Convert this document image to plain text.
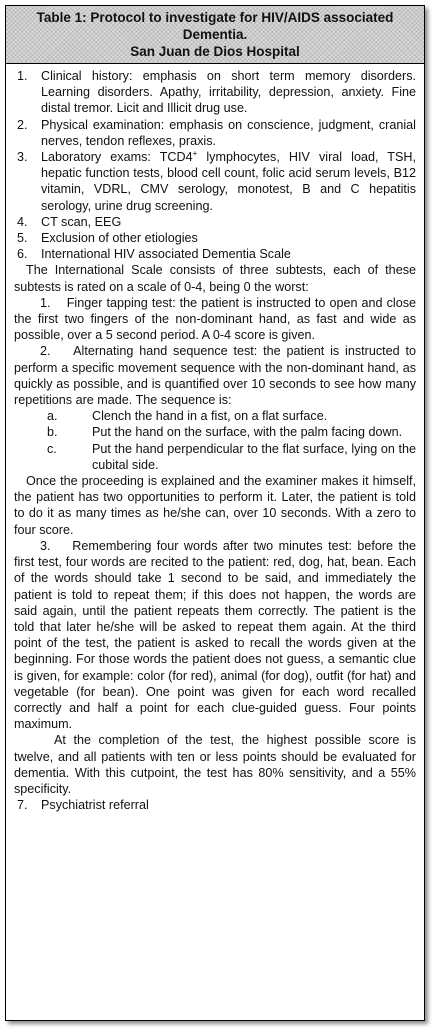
Table 1: Protocol to investigate for HIV/AIDS associated
Dementia.
San Juan de Dios Hospital
1. Clinical history: emphasis on short term memory disorders. Learning disorders. Apathy, irritability, depression, anxiety. Fine distal tremor. Licit and Illicit drug use.
2. Physical examination: emphasis on conscience, judgment, cranial nerves, tendon reflexes, praxis.
3. Laboratory exams: TCD4+ lymphocytes, HIV viral load, TSH, hepatic function tests, blood cell count, folic acid serum levels, B12 vitamin, VDRL, CMV serology, monotest, B and C hepatitis serology, urine drug screening.
4. CT scan, EEG
5. Exclusion of other etiologies
6. International HIV associated Dementia Scale
The International Scale consists of three subtests, each of these subtests is rated on a scale of 0-4, being 0 the worst:
1.    Finger tapping test: the patient is instructed to open and close the first two fingers of the non-dominant hand, as fast and wide as possible, over a 5 second period. A 0-4 score is given.
2.    Alternating hand sequence test: the patient is instructed to perform a specific movement sequence with the non-dominant hand, as quickly as possible, and is quantified over 10 seconds to see how many repetitions are made. The sequence is:
a.	Clench the hand in a fist, on a flat surface.
b.	Put the hand on the surface, with the palm facing down.
c.	Put the hand perpendicular to the flat surface, lying on the cubital side.
Once the proceeding is explained and the examiner makes it himself, the patient has two opportunities to perform it. Later, the patient is told to do it as many times as he/she can, over 10 seconds. With a zero to four score.
3.    Remembering four words after two minutes test: before the first test, four words are recited to the patient: red, dog, hat, bean. Each of the words should take 1 second to be said, and immediately the patient is told to repeat them; if this does not happen, the words are said again, until the patient repeats them correctly. The patient is the told that later he/she will be asked to repeat them again. At the third point of the test, the patient is asked to recall the words given at the beginning. For those words the patient does not guess, a semantic clue is given, for example: color (for red), animal (for dog), outfit (for hat) and vegetable (for bean). One point was given for each word recalled correctly and half a point for each clue-guided guess. Four points maximum.
At the completion of the test, the highest possible score is twelve, and all patients with ten or less points should be evaluated for dementia. With this cutpoint, the test has 80% sensitivity, and a 55% specificity.
7. Psychiatrist referral
